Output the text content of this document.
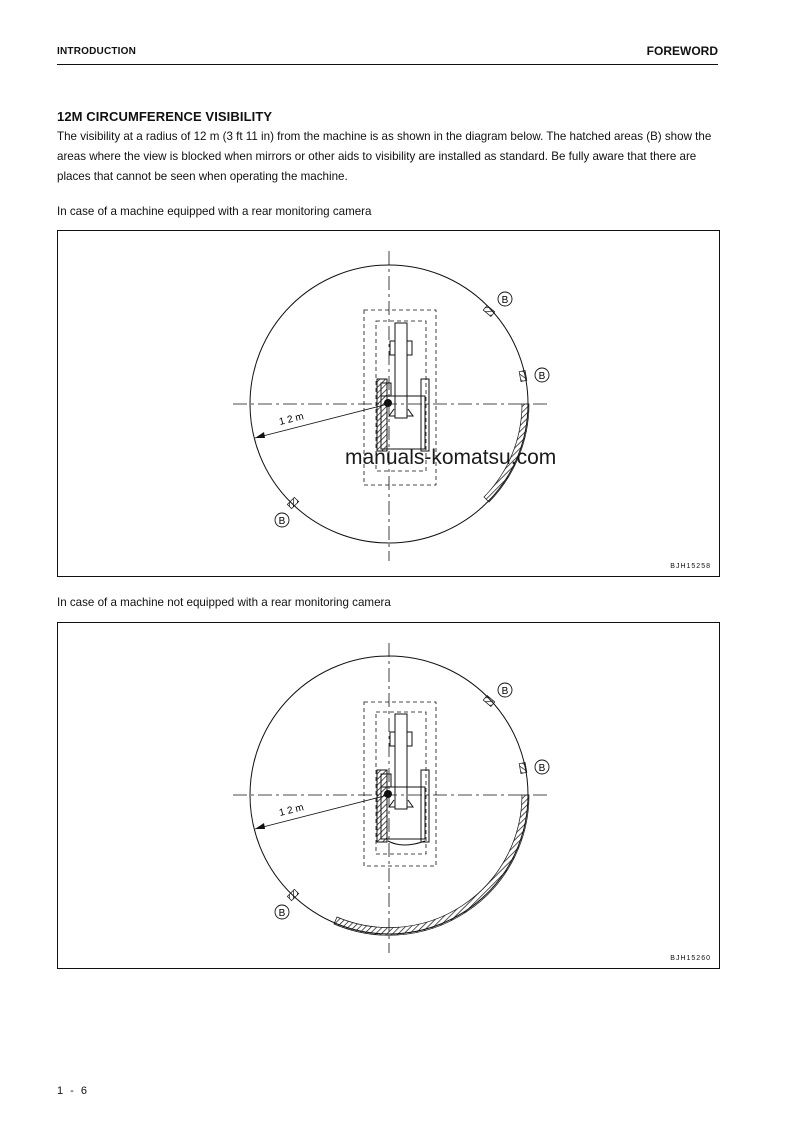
INTRODUCTION	FOREWORD
12M CIRCUMFERENCE VISIBILITY
The visibility at a radius of 12 m (3 ft 11 in) from the machine is as shown in the diagram below. The hatched areas (B) show the areas where the view is blocked when mirrors or other aids to visibility are installed as standard. Be fully aware that there are places that cannot be seen when operating the machine.
In case of a machine equipped with a rear monitoring camera
1 2 m
B
B
B
BJH15258
In case of a machine not equipped with a rear monitoring camera
1 2 m
B
B
B
BJH15260
manuals-komatsu.com
1 - 6
